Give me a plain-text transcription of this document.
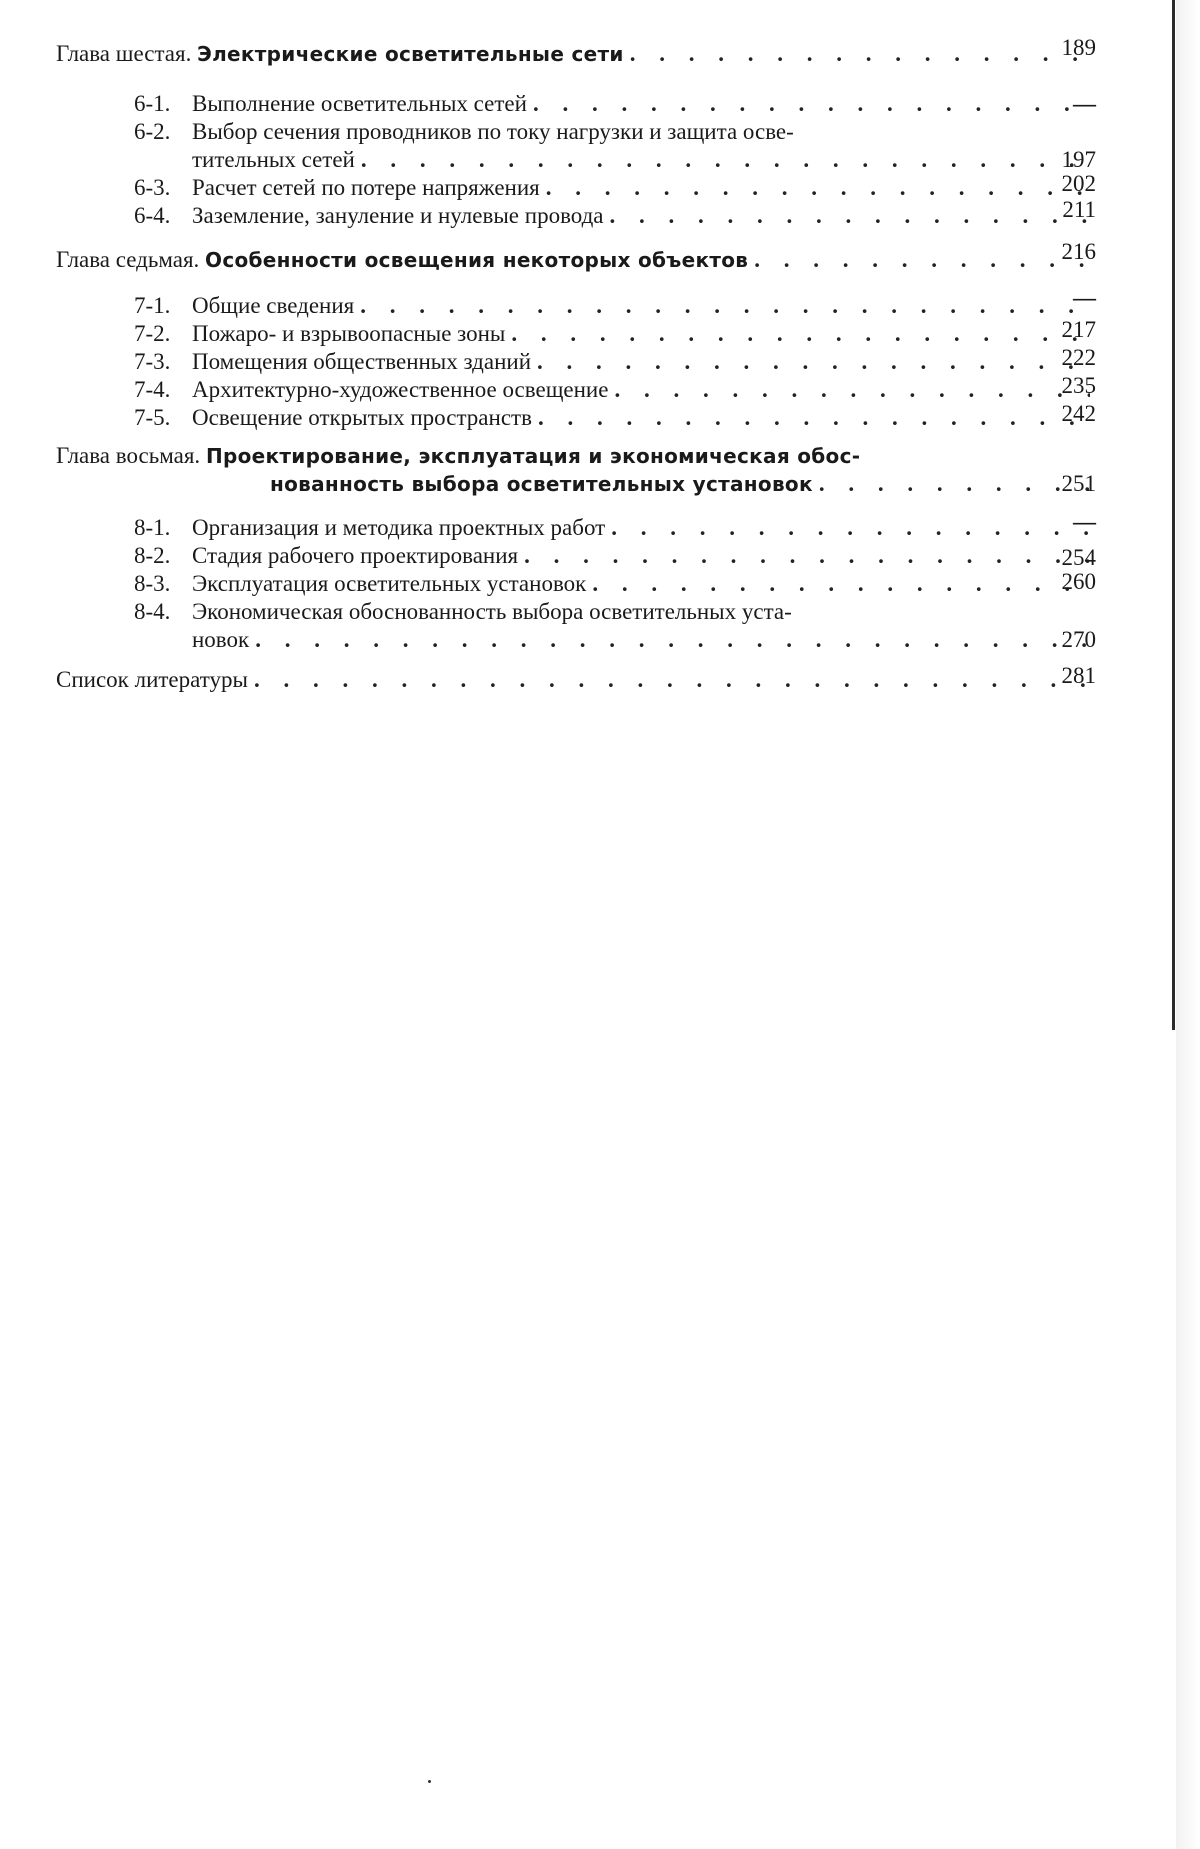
Глава шестая. Электрические осветительные сети . . .	189
6-1. Выполнение осветительных сетей . . .	—
6-2. Выбор сечения проводников по току нагрузки и защита осве-
тительных сетей . . .	197
6-3. Расчет сетей по потере напряжения . . .	202
6-4. Заземление, зануление и нулевые провода . . .	211
Глава седьмая. Особенности освещения некоторых объектов . . .	216
7-1. Общие сведения . . .	—
7-2. Пожаро- и взрывоопасные зоны . . .	217
7-3. Помещения общественных зданий . . .	222
7-4. Архитектурно-художественное освещение . . .	235
7-5. Освещение открытых пространств . . .	242
Глава восьмая. Проектирование, эксплуатация и экономическая обос-
нованность выбора осветительных установок . . .	251
8-1. Организация и методика проектных работ . . .	—
8-2. Стадия рабочего проектирования . . .	254
8-3. Эксплуатация осветительных установок . . .	260
8-4. Экономическая обоснованность выбора осветительных уста-
новок . . .	270
Список литературы . . .	281
